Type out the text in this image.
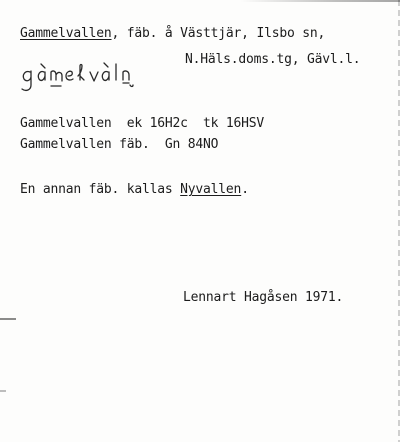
Gammelvallen, fäb. å Västtjär, Ilsbo sn,
N.Häls.doms.tg, Gävl.l.
Gammelvallen  ek 16H2c  tk 16HSV
Gammelvallen fäb.  Gn 84NO
En annan fäb. kallas Nyvallen.
Lennart Hagåsen 1971.
